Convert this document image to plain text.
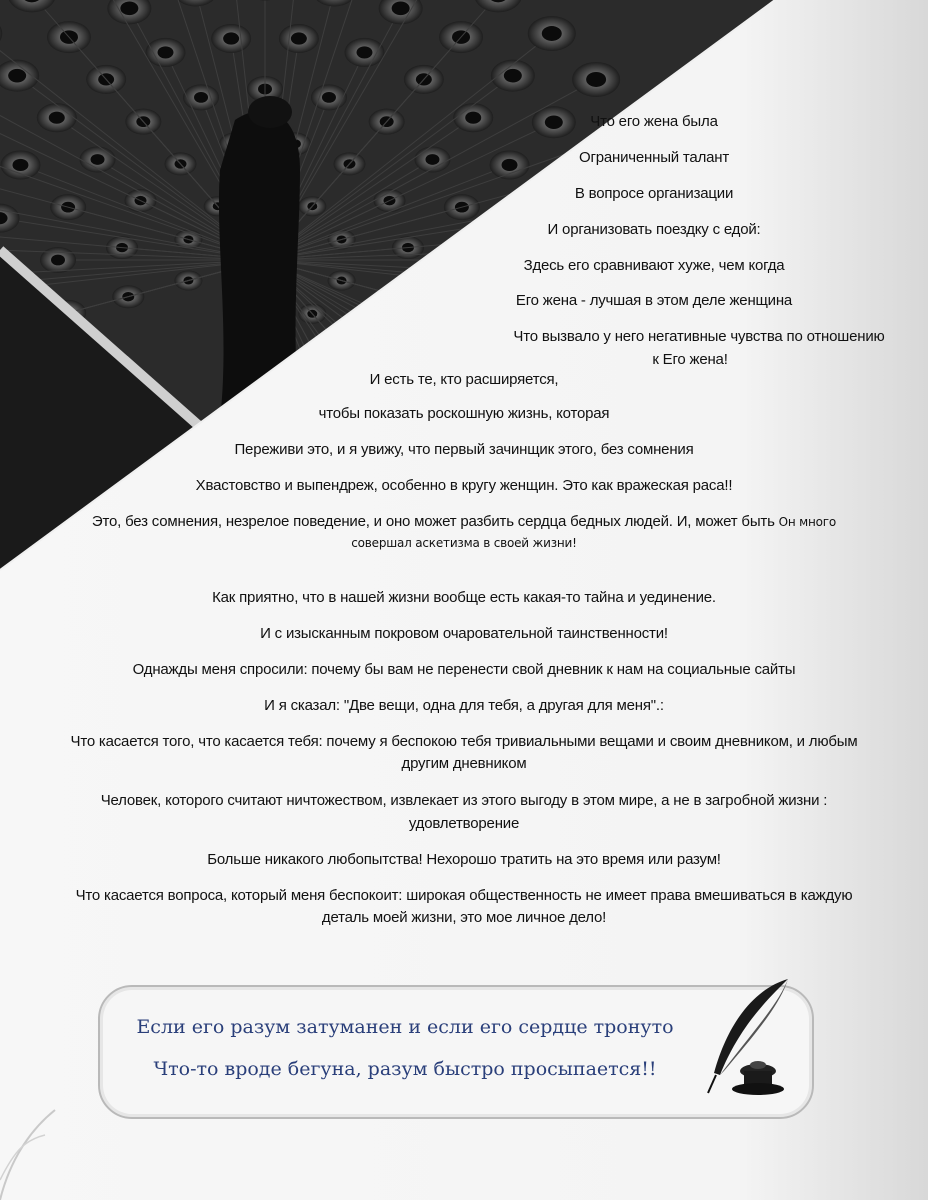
Что его жена была
Ограниченный талант
В вопросе организации
И организовать поездку с едой:
Здесь его сравнивают хуже, чем когда
Его жена - лучшая в этом деле женщина
Что вызвало у него негативные чувства по отношению
к Его жена!
И есть те, кто расширяется,
чтобы показать роскошную жизнь, которая
Переживи это, и я увижу, что первый зачинщик этого, без сомнения
Хвастовство и выпендреж, особенно в кругу женщин. Это как вражеская раса!!
Это, без сомнения, незрелое поведение, и оно может разбить сердца бедных людей. И, может быть Он много
совершал аскетизма в своей жизни!
Как приятно, что в нашей жизни вообще есть какая-то тайна и уединение.
И с изысканным покровом очаровательной таинственности!
Однажды меня спросили: почему бы вам не перенести свой дневник к нам на социальные сайты
И я сказал: "Две вещи, одна для тебя, а другая для меня".:
Что касается того, что касается тебя: почему я беспокою тебя тривиальными вещами и своим дневником, и любым
другим дневником
Человек, которого считают ничтожеством, извлекает из этого выгоду в этом мире, а не в загробной жизни :
удовлетворение
Больше никакого любопытства! Нехорошо тратить на это время или разум!
Что касается вопроса, который меня беспокоит: широкая общественность не имеет права вмешиваться в каждую
деталь моей жизни, это мое личное дело!
Если его разум затуманен и если его сердце тронуто
Что-то вроде бегуна, разум быстро просыпается!!
